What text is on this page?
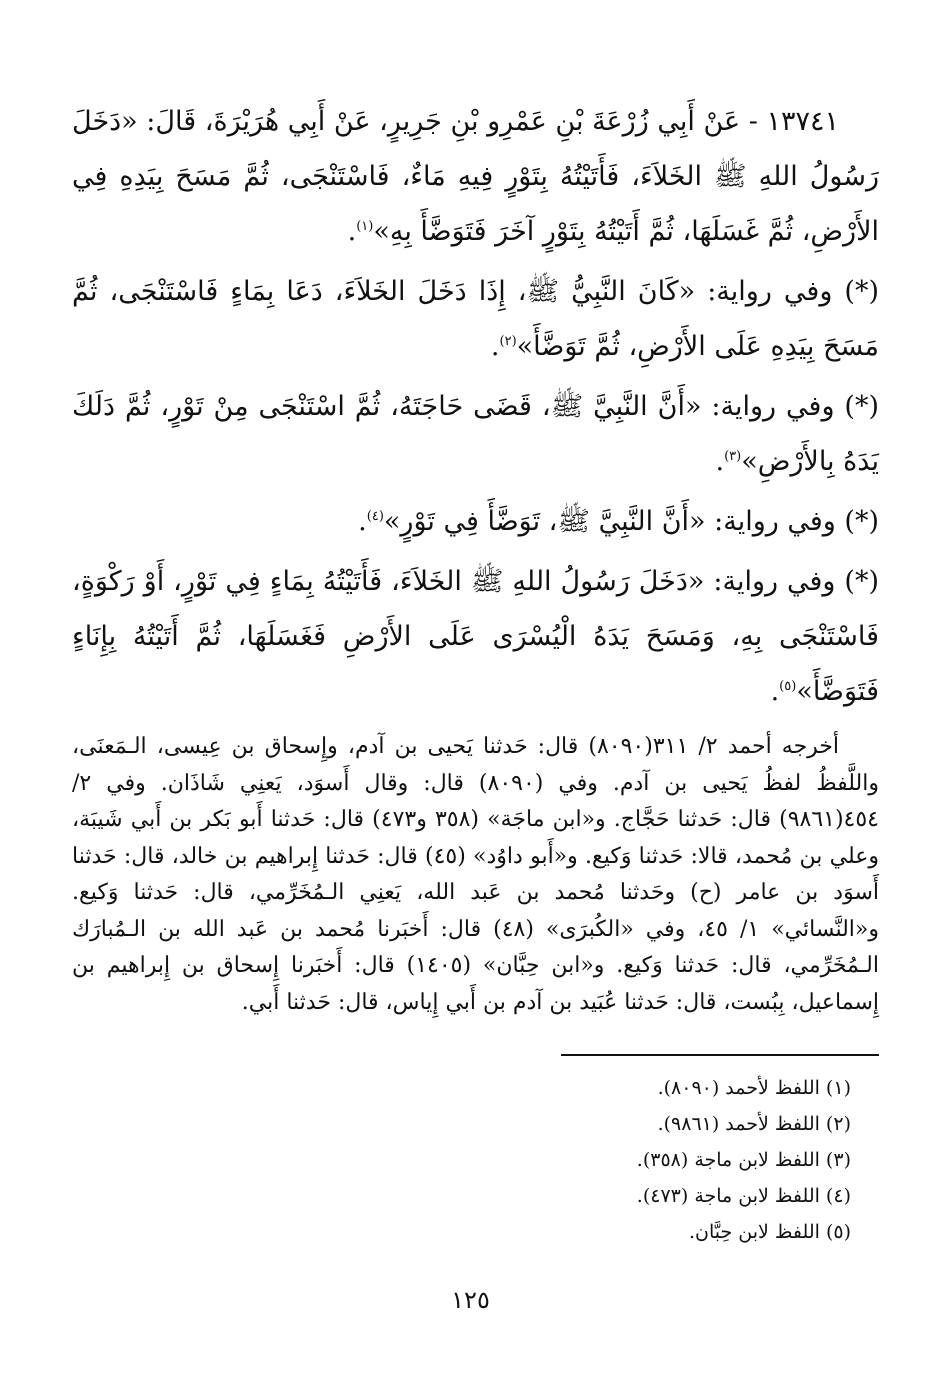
١٣٧٤١ - عَنْ أَبِي زُرْعَةَ بْنِ عَمْرِو بْنِ جَرِيرٍ، عَنْ أَبِي هُرَيْرَةَ، قَالَ: «دَخَلَ رَسُولُ اللهِ ﷺ الخَلاَءَ، فَأَتَيْتُهُ بِتَوْرٍ فِيهِ مَاءٌ، فَاسْتَنْجَى، ثُمَّ مَسَحَ بِيَدِهِ فِي الأَرْضِ، ثُمَّ غَسَلَهَا، ثُمَّ أَتَيْتُهُ بِتَوْرٍ آخَرَ فَتَوَضَّأَ بِهِ»$^{(١)}$.

(*) وفي رواية: «كَانَ النَّبِيُّ ﷺ، إِذَا دَخَلَ الخَلاَءَ، دَعَا بِمَاءٍ فَاسْتَنْجَى، ثُمَّ مَسَحَ بِيَدِهِ عَلَى الأَرْضِ، ثُمَّ تَوَضَّأَ»$^{(٢)}$.

(*) وفي رواية: «أَنَّ النَّبِيَّ ﷺ، قَضَى حَاجَتَهُ، ثُمَّ اسْتَنْجَى مِنْ تَوْرٍ، ثُمَّ دَلَكَ يَدَهُ بِالأَرْضِ»$^{(٣)}$.

(*) وفي رواية: «أَنَّ النَّبِيَّ ﷺ، تَوَضَّأَ فِي تَوْرٍ»$^{(٤)}$.

(*) وفي رواية: «دَخَلَ رَسُولُ اللهِ ﷺ الخَلاَءَ، فَأَتَيْتُهُ بِمَاءٍ فِي تَوْرٍ، أَوْ رَكْوَةٍ، فَاسْتَنْجَى بِهِ، وَمَسَحَ يَدَهُ الْيُسْرَى عَلَى الأَرْضِ فَغَسَلَهَا، ثُمَّ أَتَيْتُهُ بِإِنَاءٍ فَتَوَضَّأَ»$^{(٥)}$.

أخرجه أحمد ٢/ ٣١١(٨٠٩٠) قال: حَدثنا يَحيى بن آدم، وإِسحاق بن عِيسى، الـمَعنَى، واللَّفظُ لفظُ يَحيى بن آدم. وفي (٨٠٩٠) قال: وقال أَسوَد، يَعنِي شَاذَان. وفي ٢/ ٤٥٤(٩٨٦١) قال: حَدثنا حَجَّاج. و«ابن ماجَة» (٣٥٨ و٤٧٣) قال: حَدثنا أَبو بَكر بن أَبي شَيبَة، وعلي بن مُحمد، قالا: حَدثنا وَكيع. و«أَبو داوُد» (٤٥) قال: حَدثنا إِبراهيم بن خالد، قال: حَدثنا أَسوَد بن عامر (ح) وحَدثنا مُحمد بن عَبد الله، يَعنِي الـمُخَرِّمي، قال: حَدثنا وَكيع. و«النَّسائي» ١/ ٤٥، وفي «الكُبرَى» (٤٨) قال: أَخبَرنا مُحمد بن عَبد الله بن الـمُبارَك الـمُخَرِّمي، قال: حَدثنا وَكيع. و«ابن حِبَّان» (١٤٠٥) قال: أَخبَرنا إِسحاق بن إِبراهيم بن إِسماعيل، بِبُست، قال: حَدثنا عُبَيد بن آدم بن أَبي إِياس، قال: حَدثنا أَبي.

(١) اللفظ لأحمد (٨٠٩٠).
(٢) اللفظ لأحمد (٩٨٦١).
(٣) اللفظ لابن ماجة (٣٥٨).
(٤) اللفظ لابن ماجة (٤٧٣).
(٥) اللفظ لابن حِبَّان.
١٢٥
